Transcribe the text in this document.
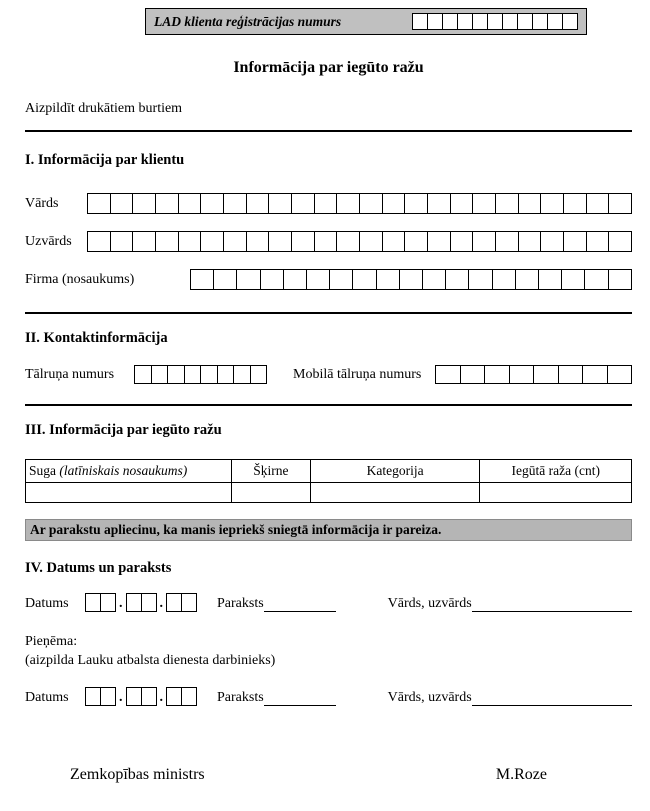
LAD klienta reģistrācijas numurs
Informācija par iegūto ražu
Aizpildīt drukātiem burtiem
I. Informācija par klientu
Vārds
Uzvārds
Firma (nosaukums)
II. Kontaktinformācija
Tālruņa numurs	Mobilā tālruņa numurs
III. Informācija par iegūto ražu
Suga (latīniskais nosaukums)	Šķirne	Kategorija	Iegūtā raža (cnt)

Ar parakstu apliecinu, ka manis iepriekš sniegtā informācija ir pareiza.
IV. Datums un paraksts
Datums	.	.	Paraksts	Vārds, uzvārds
Pieņēma:
(aizpilda Lauku atbalsta dienesta darbinieks)
Datums	.	.	Paraksts	Vārds, uzvārds
Zemkopības ministrs	M.Roze
